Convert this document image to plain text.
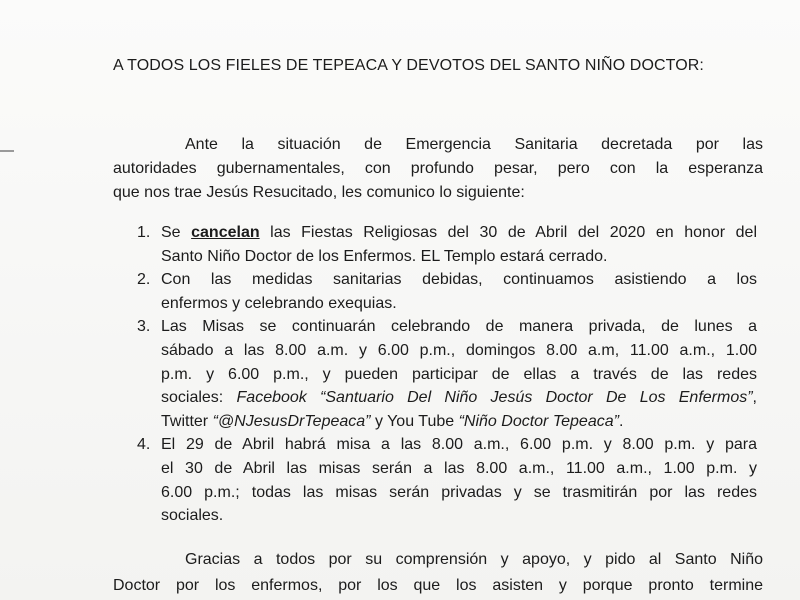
A TODOS LOS FIELES DE TEPEACA Y DEVOTOS DEL SANTO NIÑO DOCTOR:
Ante la situación de Emergencia Sanitaria decretada por las
autoridades gubernamentales, con profundo pesar, pero con la esperanza
que nos trae Jesús Resucitado, les comunico lo siguiente:
1. Se cancelan las Fiestas Religiosas del 30 de Abril del 2020 en honor del
Santo Niño Doctor de los Enfermos. EL Templo estará cerrado.
2. Con las medidas sanitarias debidas, continuamos asistiendo a los
enfermos y celebrando exequias.
3. Las Misas se continuarán celebrando de manera privada, de lunes a
sábado a las 8.00 a.m. y 6.00 p.m., domingos 8.00 a.m, 11.00 a.m., 1.00
p.m. y 6.00 p.m., y pueden participar de ellas a través de las redes
sociales: Facebook “Santuario Del Niño Jesús Doctor De Los Enfermos”,
Twitter “@NJesusDrTepeaca” y You Tube “Niño Doctor Tepeaca”.
4. El 29 de Abril habrá misa a las 8.00 a.m., 6.00 p.m. y 8.00 p.m. y para
el 30 de Abril las misas serán a las 8.00 a.m., 11.00 a.m., 1.00 p.m. y
6.00 p.m.; todas las misas serán privadas y se trasmitirán por las redes
sociales.
Gracias a todos por su comprensión y apoyo, y pido al Santo Niño
Doctor por los enfermos, por los que los asisten y porque pronto termine
